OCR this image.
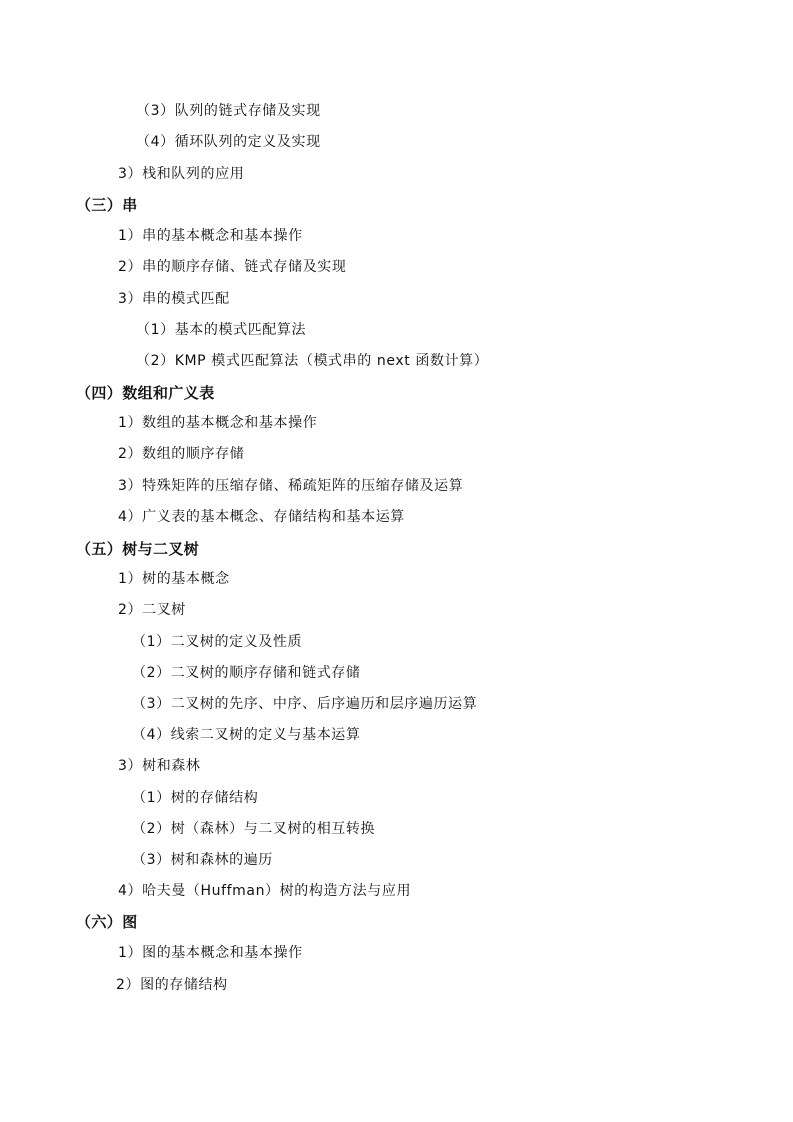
（3）队列的链式存储及实现
（4）循环队列的定义及实现
3）栈和队列的应用
（三）串
1）串的基本概念和基本操作
2）串的顺序存储、链式存储及实现
3）串的模式匹配
（1）基本的模式匹配算法
（2）KMP 模式匹配算法（模式串的 next 函数计算）
（四）数组和广义表
1）数组的基本概念和基本操作
2）数组的顺序存储
3）特殊矩阵的压缩存储、稀疏矩阵的压缩存储及运算
4）广义表的基本概念、存储结构和基本运算
（五）树与二叉树
1）树的基本概念
2）二叉树
（1）二叉树的定义及性质
（2）二叉树的顺序存储和链式存储
（3）二叉树的先序、中序、后序遍历和层序遍历运算
（4）线索二叉树的定义与基本运算
3）树和森林
（1）树的存储结构
（2）树（森林）与二叉树的相互转换
（3）树和森林的遍历
4）哈夫曼（Huffman）树的构造方法与应用
（六）图
1）图的基本概念和基本操作
2）图的存储结构
